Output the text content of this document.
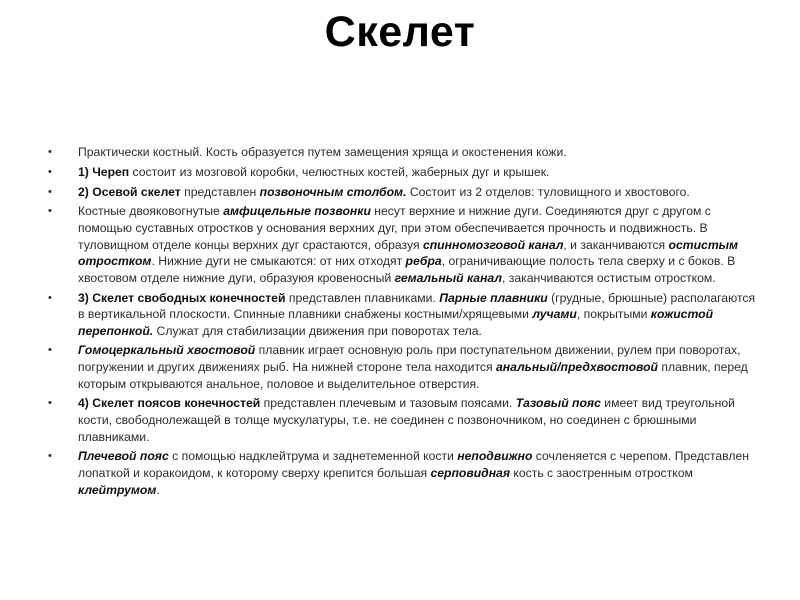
Скелет
• Практически костный. Кость образуется путем замещения хряща и окостенения кожи.
• 1) Череп состоит из мозговой коробки, челюстных костей, жаберных дуг и крышек.
• 2) Осевой скелет представлен позвоночным столбом. Состоит из 2 отделов: туловищного и хвостового.
• Костные двояковогнутые амфицельные позвонки несут верхние и нижние дуги. Соединяются друг с другом с помощью суставных отростков у основания верхних дуг, при этом обеспечивается прочность и подвижность. В туловищном отделе концы верхних дуг срастаются, образуя спинномозговой канал, и заканчиваются остистым отростком. Нижние дуги не смыкаются: от них отходят ребра, ограничивающие полость тела сверху и с боков. В хвостовом отделе нижние дуги, образуюя кровеносный гемальный канал, заканчиваются остистым отростком.
• 3) Скелет свободных конечностей представлен плавниками. Парные плавники (грудные, брюшные) располагаются в вертикальной плоскости. Спинные плавники снабжены костными/хрящевыми лучами, покрытыми кожистой перепонкой. Служат для стабилизации движения при поворотах тела.
• Гомоцеркальный хвостовой плавник играет основную роль при поступательном движении, рулем при поворотах, погружении и других движениях рыб. На нижней стороне тела находится анальный/предхвостовой плавник, перед которым открываются анальное, половое и выделительное отверстия.
• 4) Скелет поясов конечностей представлен плечевым и тазовым поясами. Тазовый пояс имеет вид треугольной кости, свободнолежащей в толще мускулатуры, т.е. не соединен с позвоночником, но соединен с брюшными плавниками.
• Плечевой пояс с помощью надклейтрума и заднетеменной кости неподвижно сочленяется с черепом. Представлен лопаткой и коракоидом, к которому сверху крепится большая серповидная кость с заостренным отростком клейтрумом.
